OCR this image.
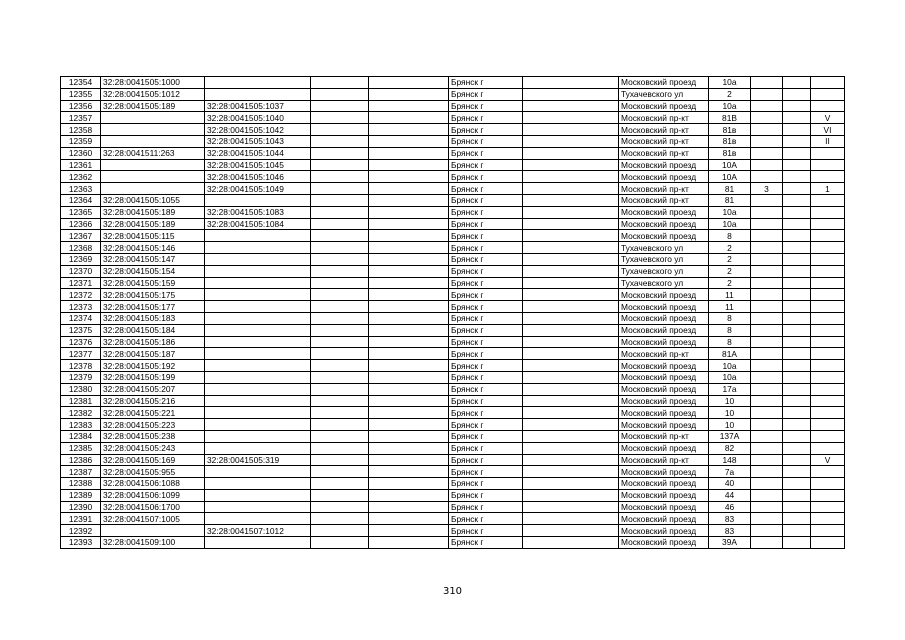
12354	32:28:0041505:1000				Брянск г		Московский проезд	10а			
12355	32:28:0041505:1012				Брянск г		Тухачевского ул	2			
12356	32:28:0041505:189	32:28:0041505:1037			Брянск г		Московский проезд	10а			
12357		32:28:0041505:1040			Брянск г		Московский пр-кт	81В			V
12358		32:28:0041505:1042			Брянск г		Московский пр-кт	81в			VI
12359		32:28:0041505:1043			Брянск г		Московский пр-кт	81в			II
12360	32:28:0041511:263	32:28:0041505:1044			Брянск г		Московский пр-кт	81в			
12361		32:28:0041505:1045			Брянск г		Московский проезд	10А			
12362		32:28:0041505:1046			Брянск г		Московский проезд	10А			
12363		32:28:0041505:1049			Брянск г		Московский пр-кт	81	3		1
12364	32:28:0041505:1055				Брянск г		Московский пр-кт	81			
12365	32:28:0041505:189	32:28:0041505:1083			Брянск г		Московский проезд	10а			
12366	32:28:0041505:189	32:28:0041505:1084			Брянск г		Московский проезд	10а			
12367	32:28:0041505:115				Брянск г		Московский проезд	8			
12368	32:28:0041505:146				Брянск г		Тухачевского ул	2			
12369	32:28:0041505:147				Брянск г		Тухачевского ул	2			
12370	32:28:0041505:154				Брянск г		Тухачевского ул	2			
12371	32:28:0041505:159				Брянск г		Тухачевского ул	2			
12372	32:28:0041505:175				Брянск г		Московский проезд	11			
12373	32:28:0041505:177				Брянск г		Московский проезд	11			
12374	32:28:0041505:183				Брянск г		Московский проезд	8			
12375	32:28:0041505:184				Брянск г		Московский проезд	8			
12376	32:28:0041505:186				Брянск г		Московский проезд	8			
12377	32:28:0041505:187				Брянск г		Московский пр-кт	81А			
12378	32:28:0041505:192				Брянск г		Московский проезд	10а			
12379	32:28:0041505:199				Брянск г		Московский проезд	10а			
12380	32:28:0041505:207				Брянск г		Московский проезд	17а			
12381	32:28:0041505:216				Брянск г		Московский проезд	10			
12382	32:28:0041505:221				Брянск г		Московский проезд	10			
12383	32:28:0041505:223				Брянск г		Московский проезд	10			
12384	32:28:0041505:238				Брянск г		Московский пр-кт	137А			
12385	32:28:0041505:243				Брянск г		Московский проезд	82			
12386	32:28:0041505:169	32:28:0041505:319			Брянск г		Московский пр-кт	148			V
12387	32:28:0041505:955				Брянск г		Московский проезд	7а			
12388	32:28:0041506:1088				Брянск г		Московский проезд	40			
12389	32:28:0041506:1099				Брянск г		Московский проезд	44			
12390	32:28:0041506:1700				Брянск г		Московский проезд	46			
12391	32:28:0041507:1005				Брянск г		Московский проезд	83			
12392		32:28:0041507:1012			Брянск г		Московский проезд	83			
12393	32:28:0041509:100				Брянск г		Московский проезд	39А			
310
